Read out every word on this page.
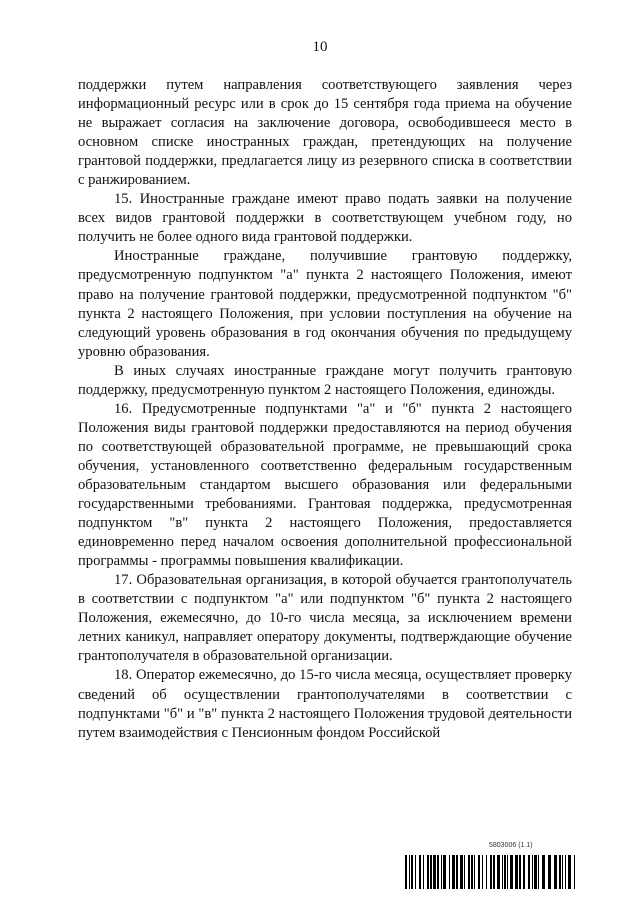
10

поддержки путем направления соответствующего заявления через информационный ресурс или в срок до 15 сентября года приема на обучение не выражает согласия на заключение договора, освободившееся место в основном списке иностранных граждан, претендующих на получение грантовой поддержки, предлагается лицу из резервного списка в соответствии с ранжированием.

15. Иностранные граждане имеют право подать заявки на получение всех видов грантовой поддержки в соответствующем учебном году, но получить не более одного вида грантовой поддержки.

Иностранные граждане, получившие грантовую поддержку, предусмотренную подпунктом "а" пункта 2 настоящего Положения, имеют право на получение грантовой поддержки, предусмотренной подпунктом "б" пункта 2 настоящего Положения, при условии поступления на обучение на следующий уровень образования в год окончания обучения по предыдущему уровню образования.

В иных случаях иностранные граждане могут получить грантовую поддержку, предусмотренную пунктом 2 настоящего Положения, единожды.

16. Предусмотренные подпунктами "а" и "б" пункта 2 настоящего Положения виды грантовой поддержки предоставляются на период обучения по соответствующей образовательной программе, не превышающий срока обучения, установленного соответственно федеральным государственным образовательным стандартом высшего образования или федеральными государственными требованиями. Грантовая поддержка, предусмотренная подпунктом "в" пункта 2 настоящего Положения, предоставляется единовременно перед началом освоения дополнительной профессиональной программы - программы повышения квалификации.

17. Образовательная организация, в которой обучается грантополучатель в соответствии с подпунктом "а" или подпунктом "б" пункта 2 настоящего Положения, ежемесячно, до 10-го числа месяца, за исключением времени летних каникул, направляет оператору документы, подтверждающие обучение грантополучателя в образовательной организации.

18. Оператор ежемесячно, до 15-го числа месяца, осуществляет проверку сведений об осуществлении грантополучателями в соответствии с подпунктами "б" и "в" пункта 2 настоящего Положения трудовой деятельности путем взаимодействия с Пенсионным фондом Российской

5803006 (1.1)
